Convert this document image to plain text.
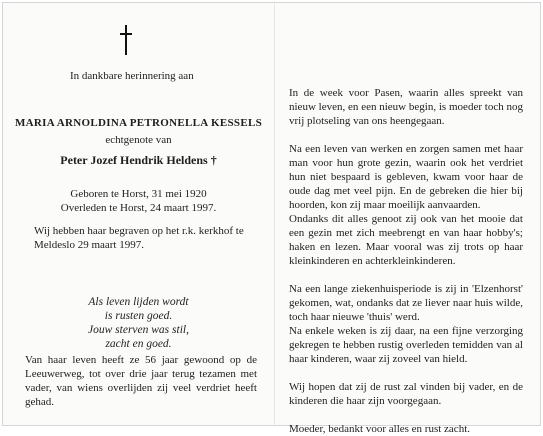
In dankbare herinnering aan

MARIA ARNOLDINA PETRONELLA KESSELS

echtgenote van

Peter Jozef Hendrik Heldens †

Geboren te Horst, 31 mei 1920

Overleden te Horst, 24 maart 1997.

Wij hebben haar begraven op het r.k. kerkhof te

Meldeslo 29 maart 1997.

Als leven lijden wordt

is rusten goed.

Jouw sterven was stil,

zacht en goed.

Van haar leven heeft ze 56 jaar gewoond op de Leeuwerweg, tot over drie jaar terug tezamen met vader, van wiens overlijden zij veel verdriet heeft gehad.

In de week voor Pasen, waarin alles spreekt van nieuw leven, en een nieuw begin, is moeder toch nog vrij plotseling van ons heengegaan.

Na een leven van werken en zorgen samen met haar man voor hun grote gezin, waarin ook het verdriet hun niet bespaard is gebleven, kwam voor haar de oude dag met veel pijn. En de gebreken die hier bij hoorden, kon zij maar moeilijk aanvaarden.

Ondanks dit alles genoot zij ook van het mooie dat een gezin met zich meebrengt en van haar hobby's; haken en lezen. Maar vooral was zij trots op haar kleinkinderen en achterkleinkinderen.

Na een lange ziekenhuisperiode is zij in 'Elzenhorst' gekomen, wat, ondanks dat ze liever naar huis wilde, toch haar nieuwe 'thuis' werd.

Na enkele weken is zij daar, na een fijne verzorging gekregen te hebben rustig overleden temidden van al haar kinderen, waar zij zoveel van hield.

Wij hopen dat zij de rust zal vinden bij vader, en de kinderen die haar zijn voorgegaan.

Moeder, bedankt voor alles en rust zacht.
